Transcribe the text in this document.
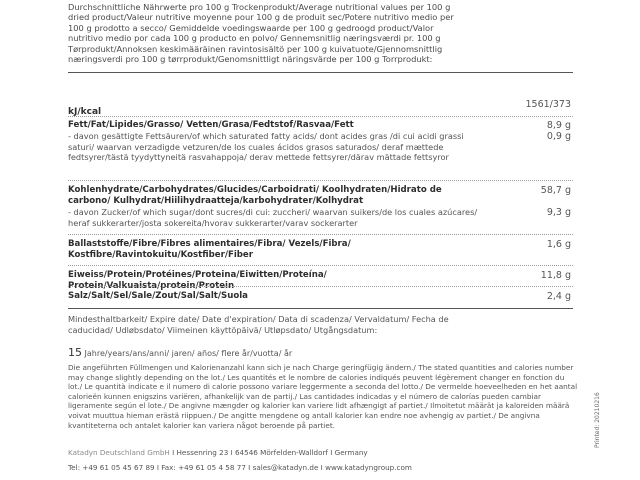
Durchschnittliche Nährwerte pro 100 g Trockenprodukt/Average nutritional values per 100 g dried product/Valeur nutritive moyenne pour 100 g de produit sec/Potere nutritivo medio per 100 g prodotto a secco/ Gemiddelde voedingswaarde per 100 g gedroogd product/Valor nutritivo medio por cada 100 g producto en polvo/ Gennemsnitlig næringsværdi pr. 100 g Tørprodukt/Annoksen keskimääräinen ravintosisältö per 100 g kuivatuote/Gjennomsnittlig næringsverdi pro 100 g tørrprodukt/Genomsnittligt näringsvärde per 100 g Torrprodukt:
kJ/kcal
1561/373
Fett/Fat/Lipides/Grasso/ Vetten/Grasa/Fedtstof/Rasvaa/Fett	8,9 g
- davon gesättigte Fettsäuren/of which saturated fatty acids/ dont acides gras /di cui acidi grassi saturi/ waarvan verzadigde vetzuren/de los cuales ácidos grasos saturados/ deraf mættede fedtsyrer/tästä tyydyttyneitä rasvahappoja/ derav mettede fettsyrer/därav mättade fettsyror
0,9 g
Kohlenhydrate/Carbohydrates/Glucides/Carboidrati/ Koolhydraten/Hidrato de carbono/ Kulhydrat/Hiilihydraatteja/karbohydrater/Kolhydrat
58,7 g
- davon Zucker/of which sugar/dont sucres/di cui: zuccheri/ waarvan suikers/de los cuales azúcares/ heraf sukkerarter/josta sokereita/hvorav sukkerarter/varav sockerarter
9,3 g
Ballaststoffe/Fibre/Fibres alimentaires/Fibra/ Vezels/Fibra/ Kostfibre/Ravintokuitu/Kostfiber/Fiber
1,6 g
Eiweiss/Protein/Protéines/Proteina/Eiwitten/Proteína/ Protein/Valkuaista/protein/Protein
11,8 g
Salz/Salt/Sel/Sale/Zout/Sal/Salt/Suola	2,4 g
Mindesthaltbarkeit/ Expire date/ Date d'expiration/ Data di scadenza/ Vervaldatum/ Fecha de caducidad/ Udløbsdato/ Viimeinen käyttöpäivä/ Utløpsdato/ Utgångsdatum:
15 Jahre/years/ans/anni/ jaren/ años/ flere år/vuotta/ år
Die angeführten Füllmengen und Kalorienanzahl kann sich je nach Charge geringfügig ändern./ The stated quantities and calories number may change slightly depending on the lot./ Les quantités et le nombre de calories indiqués peuvent légèrement changer en fonction du lot./ Le quantità indicate e il numero di calorie possono variare leggermente a seconda del lotto./ De vermelde hoeveelheden en het aantal calorieën kunnen enigszins variëren, afhankelijk van de partij./ Las cantidades indicadas y el número de calorías pueden cambiar ligeramente según el lote./ De angivne mængder og kalorier kan variere lidt afhængigt af partiet./ Ilmoitetut määrät ja kaloreiden määrä voivat muuttua hieman erästä riippuen./ De angitte mengdene og antall kalorier kan endre noe avhengig av partiet./ De angivna kvantiteterna och antalet kalorier kan variera något beroende på partiet.
Katadyn Deutschland GmbH I Hessenring 23 I 64546 Mörfelden-Walldorf I Germany
Tel: +49 61 05 45 67 89 I Fax: +49 61 05 4 58 77 I sales@katadyn.de I www.katadyngroup.com
Printed: 20210216
